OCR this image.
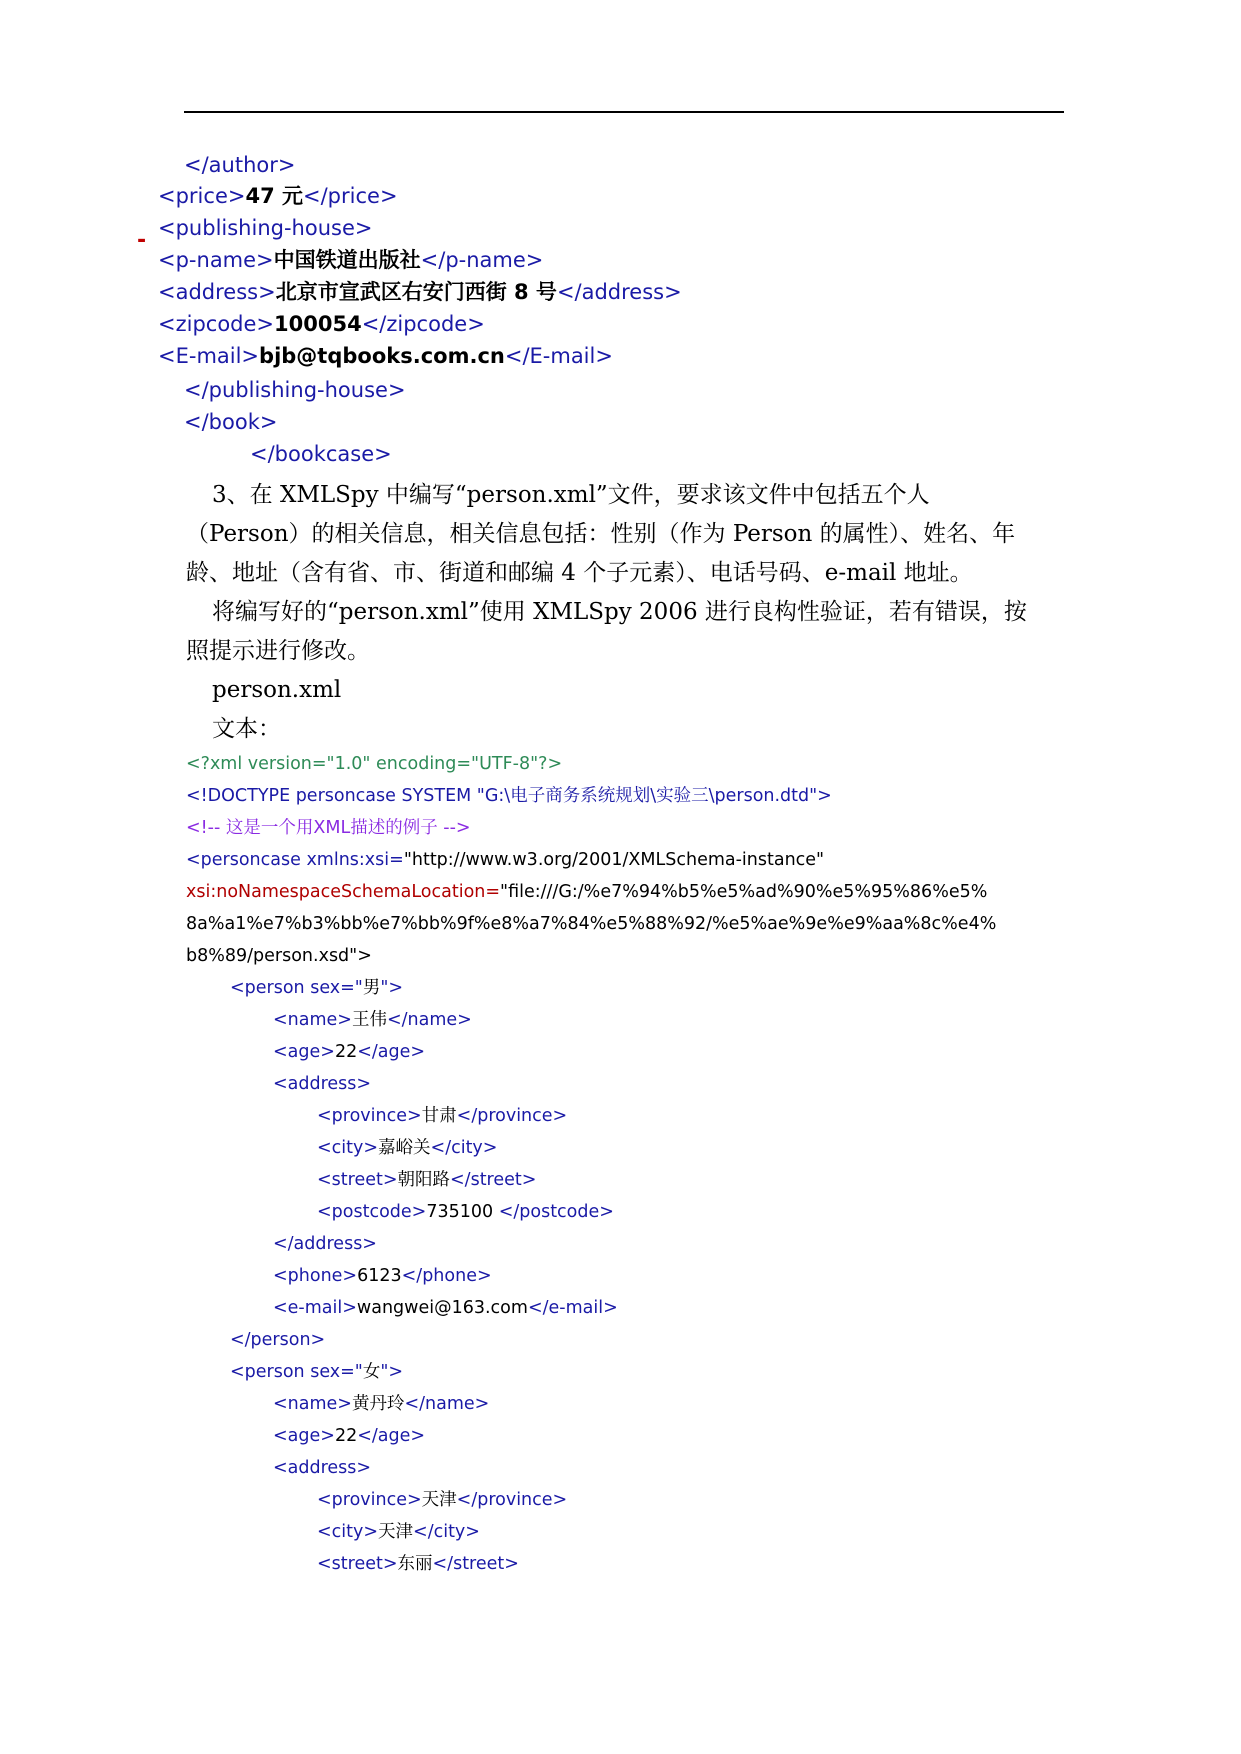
</author>
<price>47 元</price>
- <publishing-house>
<p-name>中国铁道出版社</p-name>
<address>北京市宣武区右安门西街 8 号</address>
<zipcode>100054</zipcode>
<E-mail>bjb@tqbooks.com.cn</E-mail>
</publishing-house>
</book>
</bookcase>
3、在 XMLSpy 中编写“person.xml”文件，要求该文件中包括五个人
（Person）的相关信息，相关信息包括：性别（作为 Person 的属性）、姓名、年
龄、地址（含有省、市、街道和邮编 4 个子元素）、电话号码、e-mail 地址。
将编写好的“person.xml”使用 XMLSpy 2006 进行良构性验证，若有错误，按
照提示进行修改。
person.xml
文本：
<?xml version="1.0" encoding="UTF-8"?>
<!DOCTYPE personcase SYSTEM "G:\电子商务系统规划\实验三\person.dtd">
<!-- 这是一个用XML描述的例子 -->
<personcase xmlns:xsi="http://www.w3.org/2001/XMLSchema-instance"
xsi:noNamespaceSchemaLocation="file:///G:/%e7%94%b5%e5%ad%90%e5%95%86%e5%
8a%a1%e7%b3%bb%e7%bb%9f%e8%a7%84%e5%88%92/%e5%ae%9e%e9%aa%8c%e4%
b8%89/person.xsd">
<person sex="男">
<name>王伟</name>
<age>22</age>
<address>
<province>甘肃</province>
<city>嘉峪关</city>
<street>朝阳路</street>
<postcode>735100 </postcode>
</address>
<phone>6123</phone>
<e-mail>wangwei@163.com</e-mail>
</person>
<person sex="女">
<name>黄丹玲</name>
<age>22</age>
<address>
<province>天津</province>
<city>天津</city>
<street>东丽</street>
